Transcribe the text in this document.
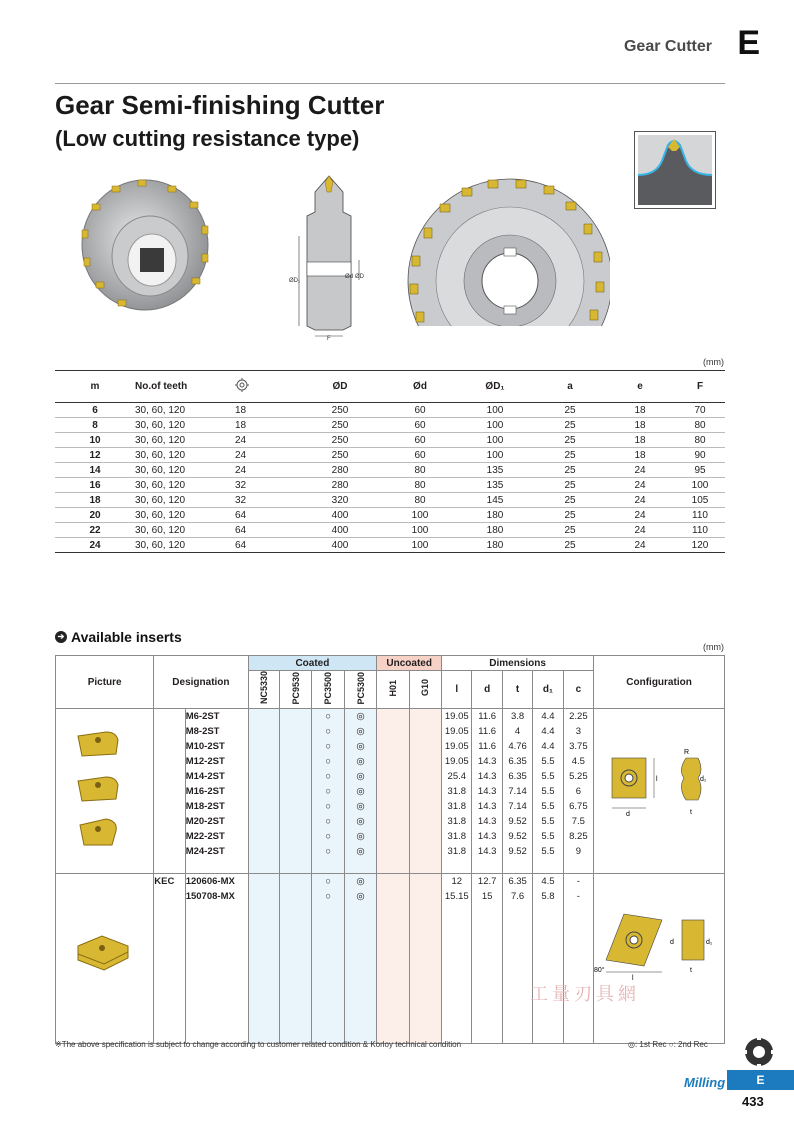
Gear Cutter E
Gear Semi-finishing Cutter
(Low cutting resistance type)
ØD₁
ØD
Ød
F
(mm)
m	No.of teeth		ØD	Ød	ØD₁	a	e	F
6	30, 60, 120	18	250	60	100	25	18	70
8	30, 60, 120	18	250	60	100	25	18	80
10	30, 60, 120	24	250	60	100	25	18	80
12	30, 60, 120	24	250	60	100	25	18	90
14	30, 60, 120	24	280	80	135	25	24	95
16	30, 60, 120	32	280	80	135	25	24	100
18	30, 60, 120	32	320	80	145	25	24	105
20	30, 60, 120	64	400	100	180	25	24	110
22	30, 60, 120	64	400	100	180	25	24	110
24	30, 60, 120	64	400	100	180	25	24	120
➔ Available inserts
(mm)
Picture	Designation		Coated				Uncoated		Dimensions					Configuration
			NC5330	PC9530	PC3500	PC5300	H01	G10	l	d	t	d₁	c	
		M6-2ST			○	◎			19.05	11.6	3.8	4.4	2.25	
		M8-2ST			○	◎			19.05	11.6	4	4.4	3	
		M10-2ST			○	◎			19.05	11.6	4.76	4.4	3.75	
		M12-2ST			○	◎			19.05	14.3	6.35	5.5	4.5	
		M14-2ST			○	◎			25.4	14.3	6.35	5.5	5.25	
		M16-2ST			○	◎			31.8	14.3	7.14	5.5	6	
		M18-2ST			○	◎			31.8	14.3	7.14	5.5	6.75	
		M20-2ST			○	◎			31.8	14.3	9.52	5.5	7.5	
		M22-2ST			○	◎			31.8	14.3	9.52	5.5	8.25	
		M24-2ST			○	◎			31.8	14.3	9.52	5.5	9	

	KEC	120606-MX			○	◎			12	12.7	6.35	4.5	-	
		150708-MX			○	◎			15.15	15	7.6	5.8	-	

d
l
R
d₁
t
l
80°
d	d₁
t
工量刃具網
※The above specification is subject to change according to customer related condition & Korloy technical condition	◎: 1st Rec ○: 2nd Rec
Milling	E
433
